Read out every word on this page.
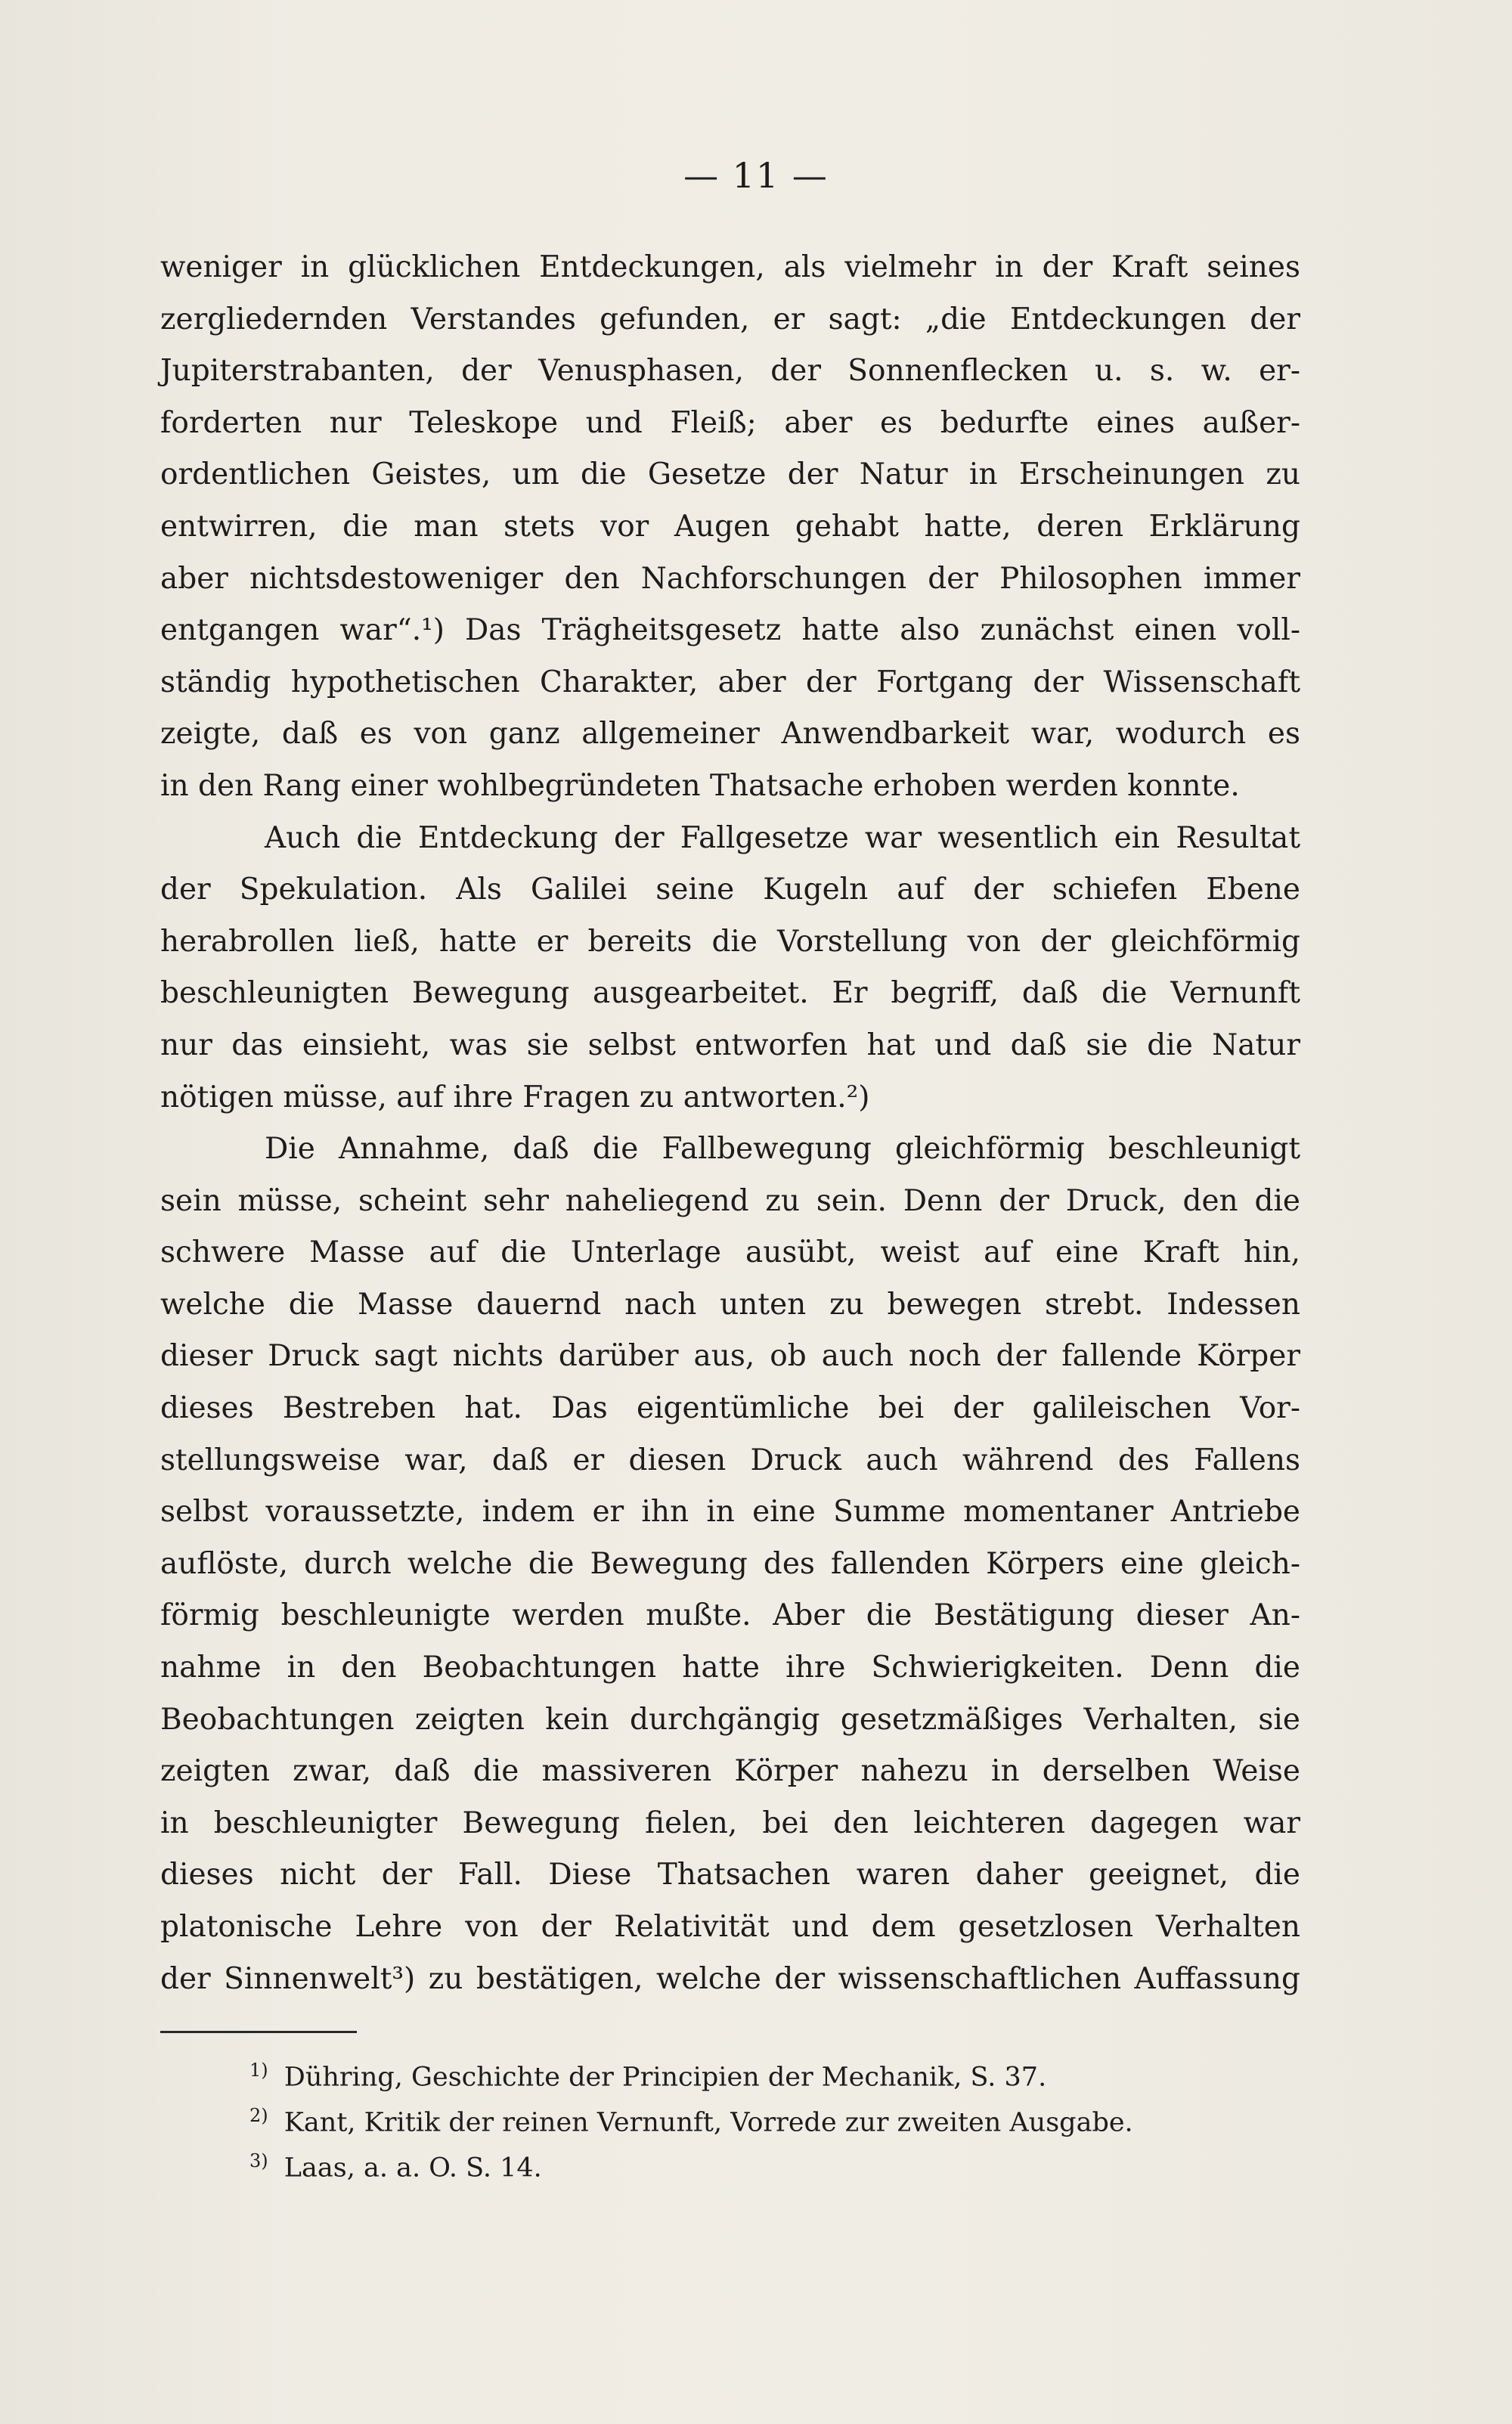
— 11 —
weniger in glücklichen Entdeckungen, als vielmehr in der Kraft seines
zergliedernden Verstandes gefunden, er sagt: „die Entdeckungen der
Jupiterstrabanten, der Venusphasen, der Sonnenflecken u. s. w. er-
forderten nur Teleskope und Fleiß; aber es bedurfte eines außer-
ordentlichen Geistes, um die Gesetze der Natur in Erscheinungen zu
entwirren, die man stets vor Augen gehabt hatte, deren Erklärung
aber nichtsdestoweniger den Nachforschungen der Philosophen immer
entgangen war“.¹) Das Trägheitsgesetz hatte also zunächst einen voll-
ständig hypothetischen Charakter, aber der Fortgang der Wissenschaft
zeigte, daß es von ganz allgemeiner Anwendbarkeit war, wodurch es
in den Rang einer wohlbegründeten Thatsache erhoben werden konnte.
Auch die Entdeckung der Fallgesetze war wesentlich ein Resultat
der Spekulation. Als Galilei seine Kugeln auf der schiefen Ebene
herabrollen ließ, hatte er bereits die Vorstellung von der gleichförmig
beschleunigten Bewegung ausgearbeitet. Er begriff, daß die Vernunft
nur das einsieht, was sie selbst entworfen hat und daß sie die Natur
nötigen müsse, auf ihre Fragen zu antworten.²)
Die Annahme, daß die Fallbewegung gleichförmig beschleunigt
sein müsse, scheint sehr naheliegend zu sein. Denn der Druck, den die
schwere Masse auf die Unterlage ausübt, weist auf eine Kraft hin,
welche die Masse dauernd nach unten zu bewegen strebt. Indessen
dieser Druck sagt nichts darüber aus, ob auch noch der fallende Körper
dieses Bestreben hat. Das eigentümliche bei der galileischen Vor-
stellungsweise war, daß er diesen Druck auch während des Fallens
selbst voraussetzte, indem er ihn in eine Summe momentaner Antriebe
auflöste, durch welche die Bewegung des fallenden Körpers eine gleich-
förmig beschleunigte werden mußte. Aber die Bestätigung dieser An-
nahme in den Beobachtungen hatte ihre Schwierigkeiten. Denn die
Beobachtungen zeigten kein durchgängig gesetzmäßiges Verhalten, sie
zeigten zwar, daß die massiveren Körper nahezu in derselben Weise
in beschleunigter Bewegung fielen, bei den leichteren dagegen war
dieses nicht der Fall. Diese Thatsachen waren daher geeignet, die
platonische Lehre von der Relativität und dem gesetzlosen Verhalten
der Sinnenwelt³) zu bestätigen, welche der wissenschaftlichen Auffassung
$^{1)}$ Dühring, Geschichte der Principien der Mechanik, S. 37.
$^{2)}$ Kant, Kritik der reinen Vernunft, Vorrede zur zweiten Ausgabe.
$^{3)}$ Laas, a. a. O. S. 14.
